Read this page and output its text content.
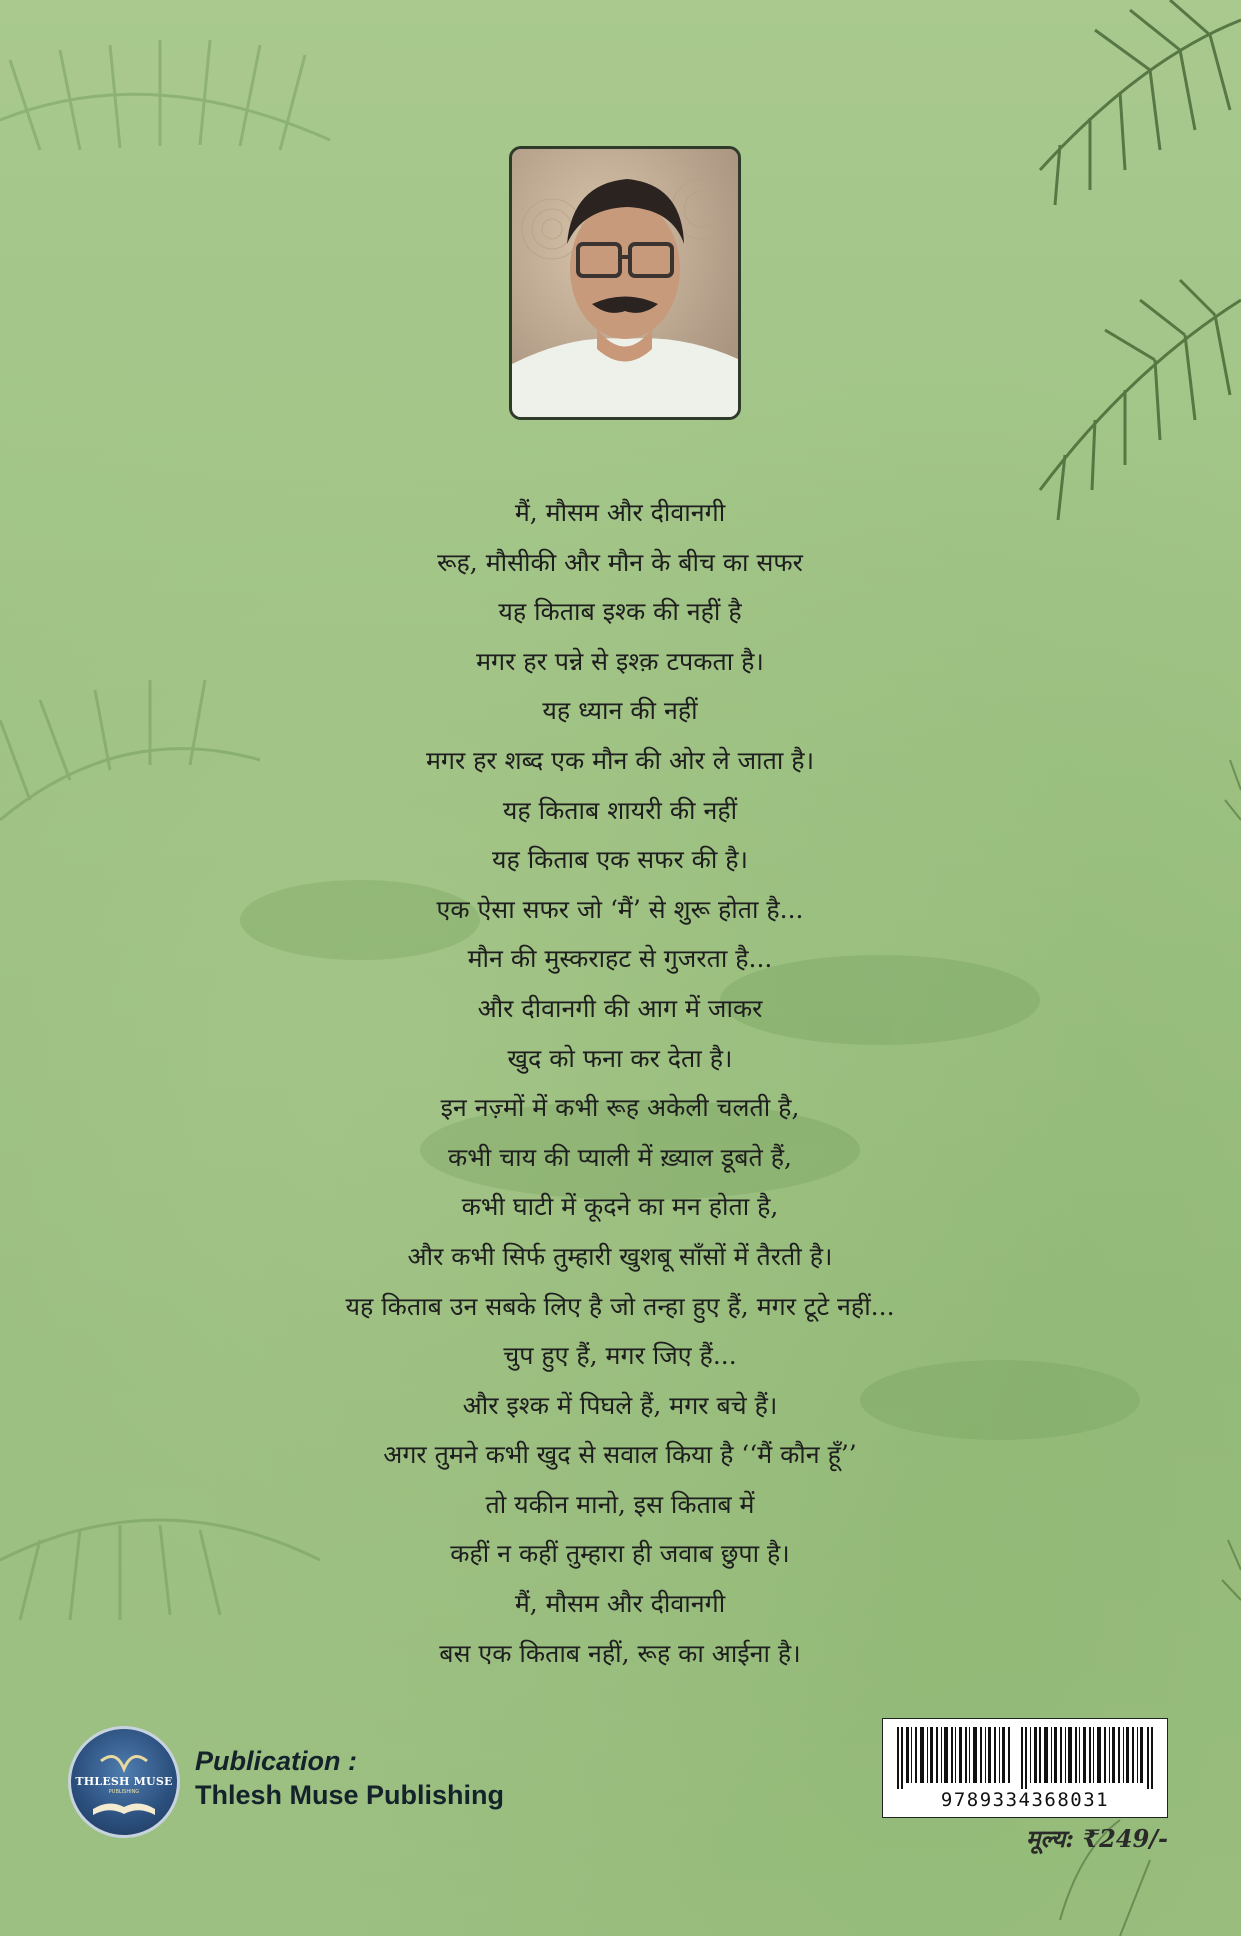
मैं, मौसम और दीवानगी
रूह, मौसीकी और मौन के बीच का सफर
यह किताब इश्क की नहीं है
मगर हर पन्ने से इश्क़ टपकता है।
यह ध्यान की नहीं
मगर हर शब्द एक मौन की ओर ले जाता है।
यह किताब शायरी की नहीं
यह किताब एक सफर की है।
एक ऐसा सफर जो ‘मैं’ से शुरू होता है...
मौन की मुस्कराहट से गुजरता है...
और दीवानगी की आग में जाकर
खुद को फना कर देता है।
इन नज़्मों में कभी रूह अकेली चलती है,
कभी चाय की प्याली में ख़्याल डूबते हैं,
कभी घाटी में कूदने का मन होता है,
और कभी सिर्फ तुम्हारी खुशबू साँसों में तैरती है।
यह किताब उन सबके लिए है जो तन्हा हुए हैं, मगर टूटे नहीं...
चुप हुए हैं, मगर जिए हैं...
और इश्क में पिघले हैं, मगर बचे हैं।
अगर तुमने कभी खुद से सवाल किया है ‘‘मैं कौन हूँ’’
तो यकीन मानो, इस किताब में
कहीं न कहीं तुम्हारा ही जवाब छुपा है।
मैं, मौसम और दीवानगी
बस एक किताब नहीं, रूह का आईना है।
THLESH MUSE
PUBLISHING
Publication :
Thlesh Muse Publishing	9789334368031
मूल्य: ₹249/-
